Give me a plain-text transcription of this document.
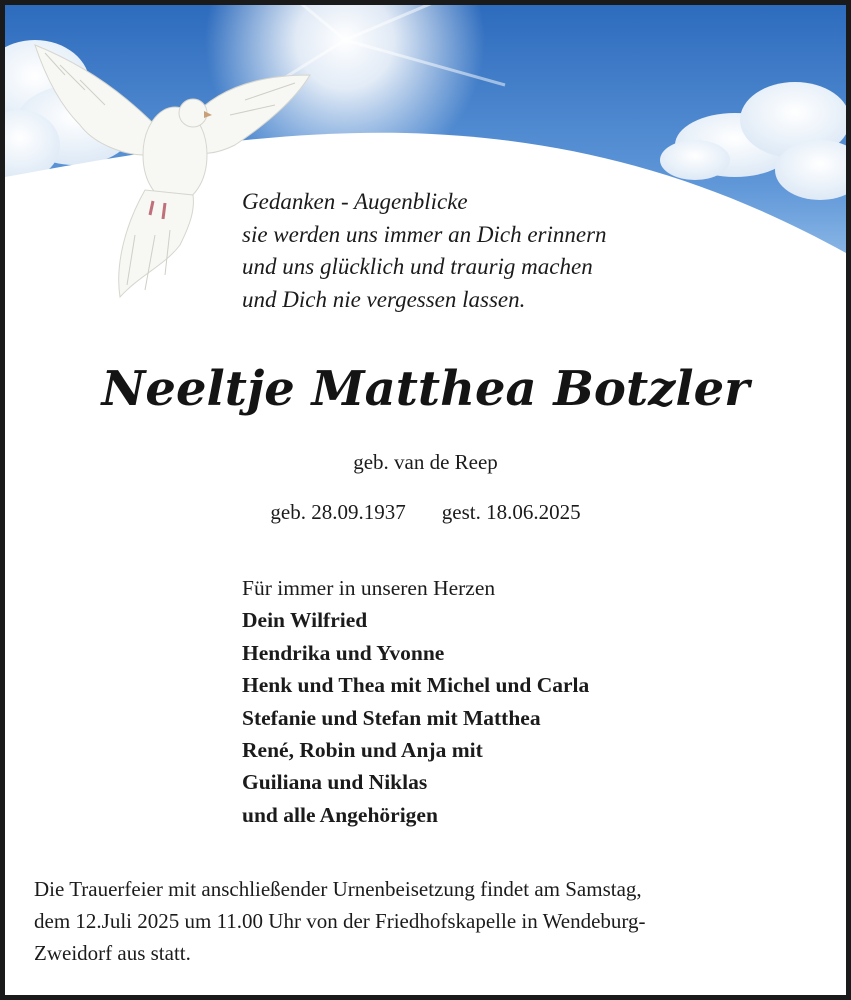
Gedanken - Augenblicke
sie werden uns immer an Dich erinnern
und uns glücklich und traurig machen
und Dich nie vergessen lassen.
Neeltje Matthea Botzler
geb. van de Reep
geb. 28.09.1937 gest. 18.06.2025
Für immer in unseren Herzen
Dein Wilfried
Hendrika und Yvonne
Henk und Thea mit Michel und Carla
Stefanie und Stefan mit Matthea
René, Robin und Anja mit
Guiliana und Niklas
und alle Angehörigen
Die Trauerfeier mit anschließender Urnenbeisetzung findet am Samstag,
dem 12.Juli 2025 um 11.00 Uhr von der Friedhofskapelle in Wendeburg-
Zweidorf aus statt.
